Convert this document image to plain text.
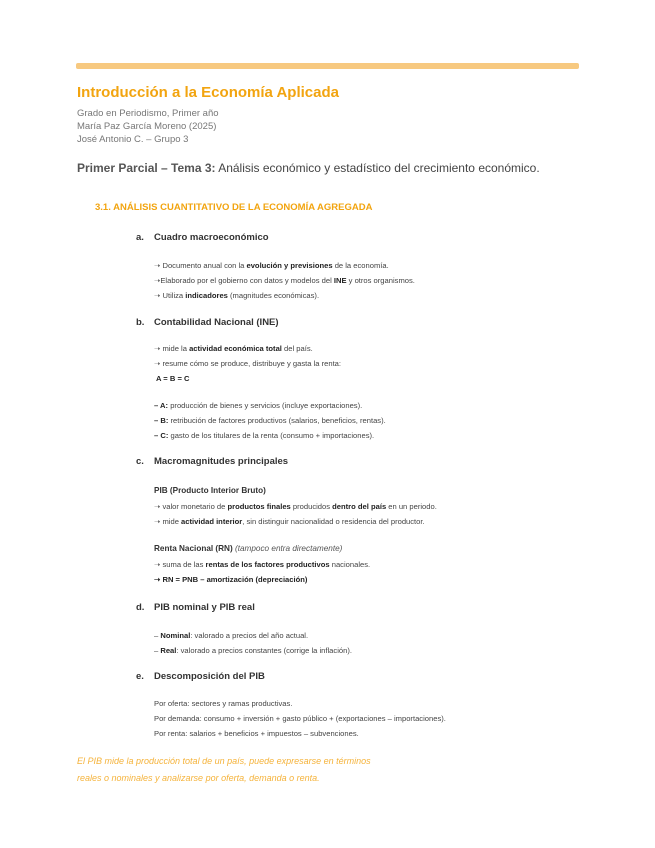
Introducción a la Economía Aplicada
Grado en Periodismo, Primer año
María Paz García Moreno (2025)
José Antonio C. – Grupo 3
Primer Parcial – Tema 3: Análisis económico y estadístico del crecimiento económico.
3.1. ANÁLISIS CUANTITATIVO DE LA ECONOMÍA AGREGADA
a. Cuadro macroeconómico
➝ Documento anual con la evolución y previsiones de la economía.
➝Elaborado por el gobierno con datos y modelos del INE y otros organismos.
➝ Utiliza indicadores (magnitudes económicas).
b. Contabilidad Nacional (INE)
➝ mide la actividad económica total del país.
➝ resume cómo se produce, distribuye y gasta la renta:
A = B = C
– A: producción de bienes y servicios (incluye exportaciones).
– B: retribución de factores productivos (salarios, beneficios, rentas).
– C: gasto de los titulares de la renta (consumo + importaciones).
c. Macromagnitudes principales
PIB (Producto Interior Bruto)
➝ valor monetario de productos finales producidos dentro del país en un periodo.
➝ mide actividad interior, sin distinguir nacionalidad o residencia del productor.
Renta Nacional (RN) (tampoco entra directamente)
➝ suma de las rentas de los factores productivos nacionales.
➝ RN = PNB – amortización (depreciación)
d. PIB nominal y PIB real
– Nominal: valorado a precios del año actual.
– Real: valorado a precios constantes (corrige la inflación).
e. Descomposición del PIB
Por oferta: sectores y ramas productivas.
Por demanda: consumo + inversión + gasto público + (exportaciones – importaciones).
Por renta: salarios + beneficios + impuestos – subvenciones.
El PIB mide la producción total de un país, puede expresarse en términos
reales o nominales y analizarse por oferta, demanda o renta.
